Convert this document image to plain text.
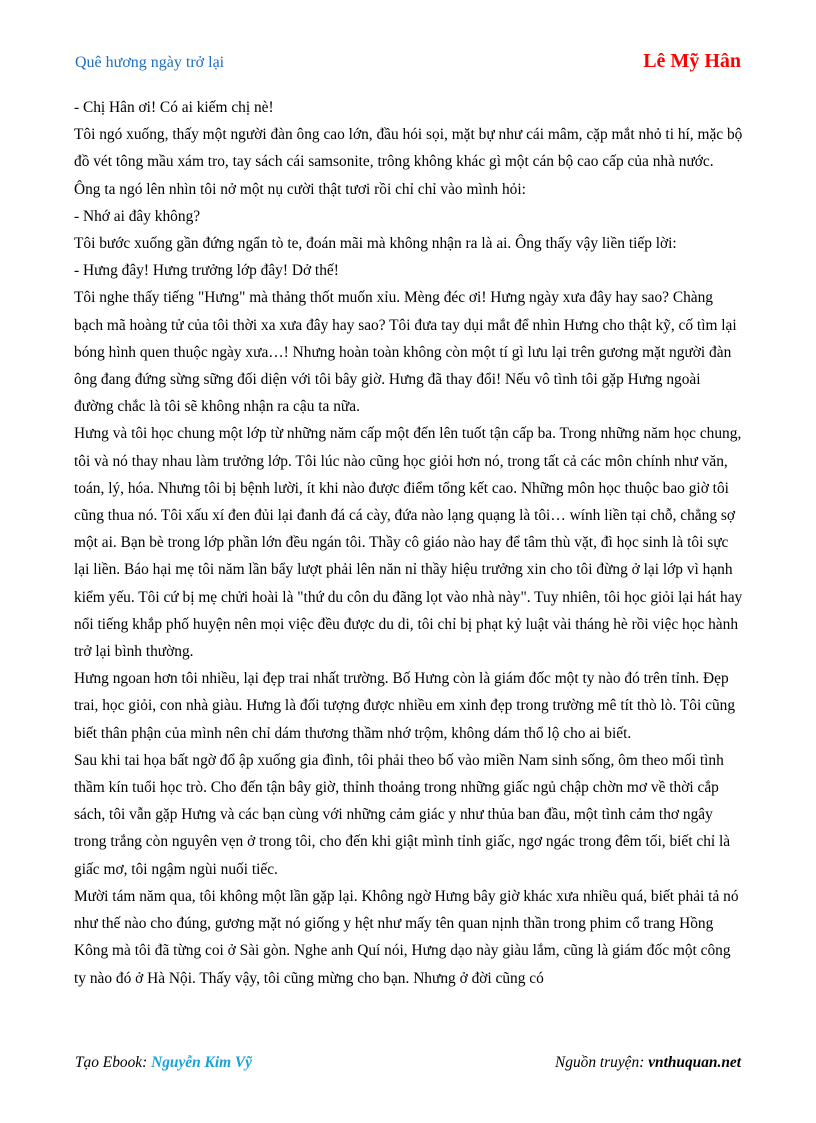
Quê hương ngày trở lại	Lê Mỹ Hân

- Chị Hân ơi! Có ai kiếm chị nè!

Tôi ngó xuống, thấy một người đàn ông cao lớn, đầu hói sọi, mặt bự như cái mâm, cặp mắt nhỏ ti hí, mặc bộ đồ vét tông mầu xám tro, tay sách cái samsonite, trông không khác gì một cán bộ cao cấp của nhà nước. Ông ta ngó lên nhìn tôi nở một nụ cười thật tươi rồi chỉ chỉ vào mình hỏi:

- Nhớ ai đây không?

Tôi bước xuống gần đứng ngẩn tò te, đoán mãi mà không nhận ra là ai. Ông thấy vậy liền tiếp lời:

- Hưng đây! Hưng trưởng lớp đây! Dở thế!

Tôi nghe thấy tiếng "Hưng" mà thảng thốt muốn xỉu. Mèng đéc ơi! Hưng ngày xưa đây hay sao? Chàng bạch mã hoàng tử của tôi thời xa xưa đây hay sao? Tôi đưa tay dụi mắt để nhìn Hưng cho thật kỹ, cố tìm lại bóng hình quen thuộc ngày xưa…! Nhưng hoàn toàn không còn một tí gì lưu lại trên gương mặt người đàn ông đang đứng sừng sững đối diện với tôi bây giờ. Hưng đã thay đổi! Nếu vô tình tôi gặp Hưng ngoài đường chắc là tôi sẽ không nhận ra cậu ta nữa.

Hưng và tôi học chung một lớp từ những năm cấp một đến lên tuốt tận cấp ba. Trong những năm học chung, tôi và nó thay nhau làm trưởng lớp. Tôi lúc nào cũng học giỏi hơn nó, trong tất cả các môn chính như văn, toán, lý, hóa. Nhưng tôi bị bệnh lười, ít khi nào được điểm tổng kết cao. Những môn học thuộc bao giờ tôi cũng thua nó. Tôi xấu xí đen đủi lại đanh đá cá cày, đứa nào lạng quạng là tôi… wính liền tại chỗ, chẳng sợ một ai. Bạn bè trong lớp phần lớn đều ngán tôi. Thầy cô giáo nào hay để tâm thù vặt, đì học sinh là tôi sực lại liền. Báo hại mẹ tôi năm lần bẩy lượt phải lên năn nỉ thầy hiệu trưởng xin cho tôi đừng ở lại lớp vì hạnh kiểm yếu. Tôi cứ bị mẹ chửi hoài là "thứ du côn du đãng lọt vào nhà này". Tuy nhiên, tôi học giỏi lại hát hay nổi tiếng khắp phố huyện nên mọi việc đều được du di, tôi chỉ bị phạt kỷ luật vài tháng hè rồi việc học hành trở lại bình thường.

Hưng ngoan hơn tôi nhiều, lại đẹp trai nhất trường. Bố Hưng còn là giám đốc một ty nào đó trên tỉnh. Đẹp trai, học giỏi, con nhà giàu. Hưng là đối tượng được nhiều em xinh đẹp trong trường mê tít thò lò. Tôi cũng biết thân phận của mình nên chỉ dám thương thầm nhớ trộm, không dám thổ lộ cho ai biết.

Sau khi tai họa bất ngờ đổ ập xuống gia đình, tôi phải theo bố vào miền Nam sinh sống, ôm theo mối tình thầm kín tuổi học trò. Cho đến tận bây giờ, thỉnh thoảng trong những giấc ngủ chập chờn mơ về thời cắp sách, tôi vẫn gặp Hưng và các bạn cùng với những cảm giác y như thủa ban đầu, một tình cảm thơ ngây trong trắng còn nguyên vẹn ở trong tôi, cho đến khi giật mình tỉnh giấc, ngơ ngác trong đêm tối, biết chỉ là giấc mơ, tôi ngậm ngùi nuối tiếc.

Mười tám năm qua, tôi không một lần gặp lại. Không ngờ Hưng bây giờ khác xưa nhiều quá, biết phải tả nó như thế nào cho đúng, gương mặt nó giống y hệt như mấy tên quan nịnh thần trong phim cổ trang Hồng Kông mà tôi đã từng coi ở Sài gòn. Nghe anh Quí nói, Hưng dạo này giàu lắm, cũng là giám đốc một công ty nào đó ở Hà Nội. Thấy vậy, tôi cũng mừng cho bạn. Nhưng ở đời cũng có

Tạo Ebook: Nguyễn Kim Vỹ	Nguồn truyện: vnthuquan.net
